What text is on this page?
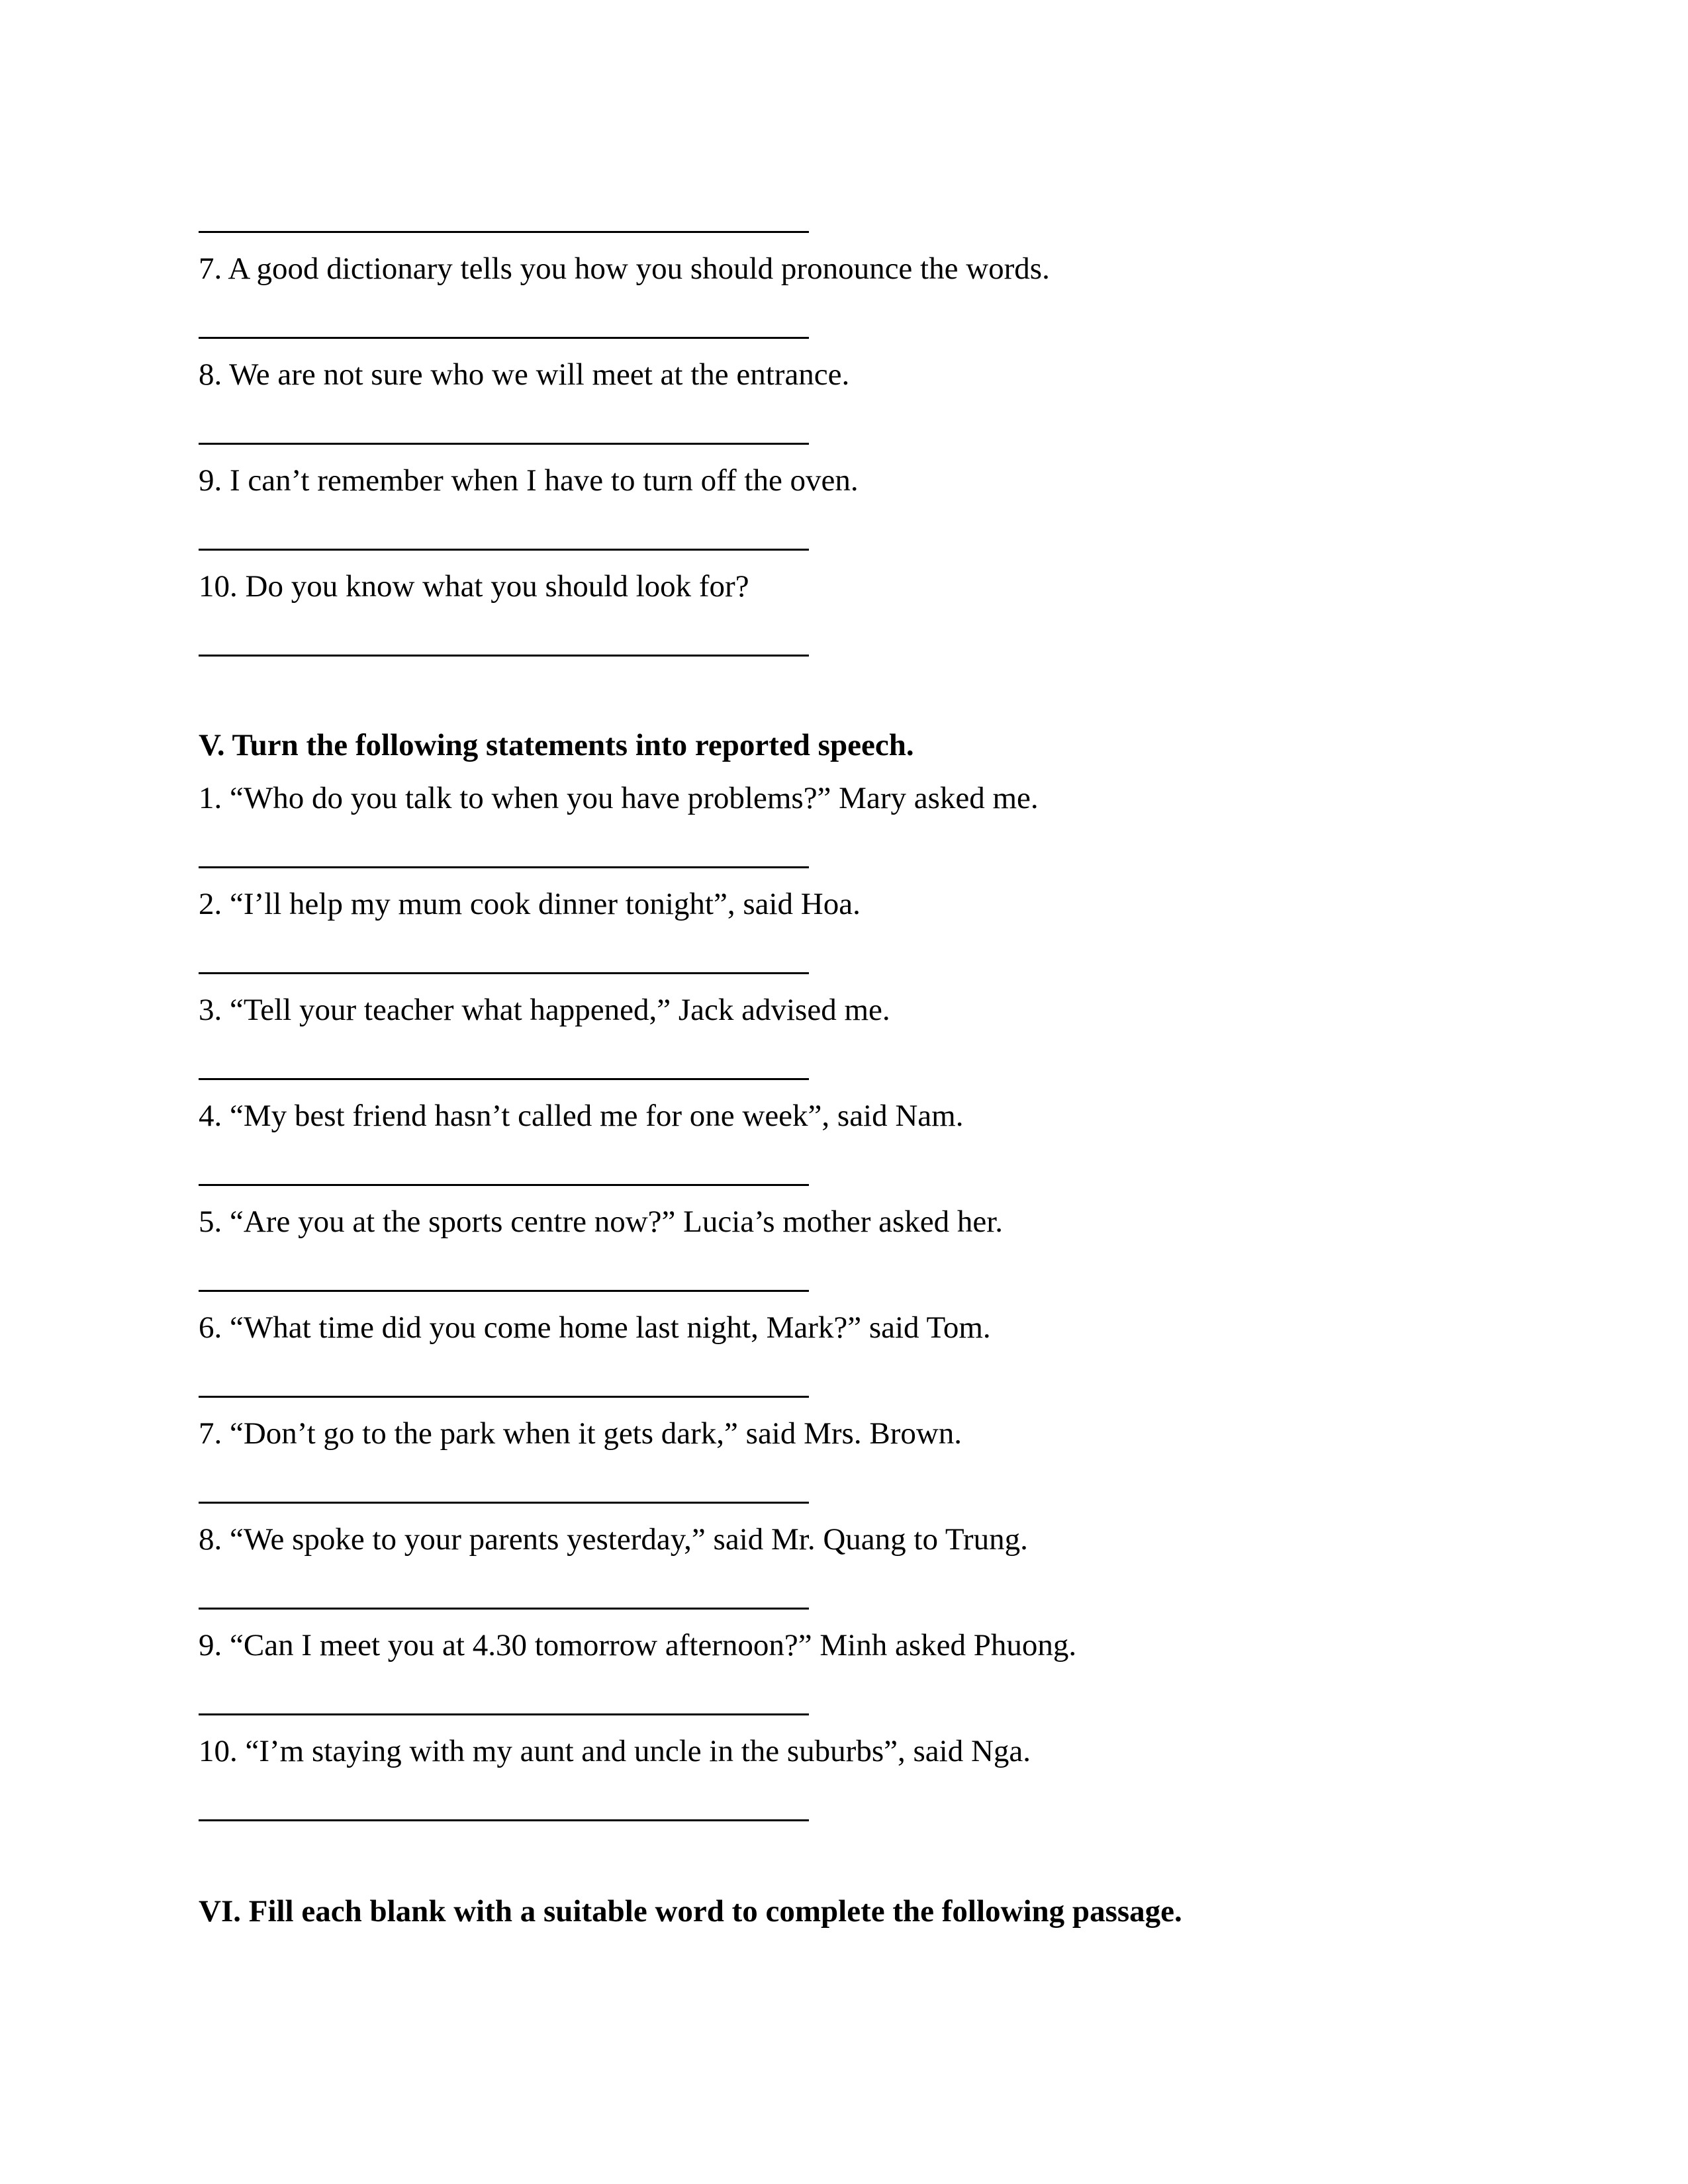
7. A good dictionary tells you how you should pronounce the words.
8. We are not sure who we will meet at the entrance.
9. I can’t remember when I have to turn off the oven.
10. Do you know what you should look for?
V. Turn the following statements into reported speech.
1. “Who do you talk to when you have problems?” Mary asked me.
2. “I’ll help my mum cook dinner tonight”, said Hoa.
3. “Tell your teacher what happened,” Jack advised me.
4. “My best friend hasn’t called me for one week”, said Nam.
5. “Are you at the sports centre now?” Lucia’s mother asked her.
6. “What time did you come home last night, Mark?” said Tom.
7. “Don’t go to the park when it gets dark,” said Mrs. Brown.
8. “We spoke to your parents yesterday,” said Mr. Quang to Trung.
9. “Can I meet you at 4.30 tomorrow afternoon?” Minh asked Phuong.
10. “I’m staying with my aunt and uncle in the suburbs”, said Nga.
VI. Fill each blank with a suitable word to complete the following passage.
